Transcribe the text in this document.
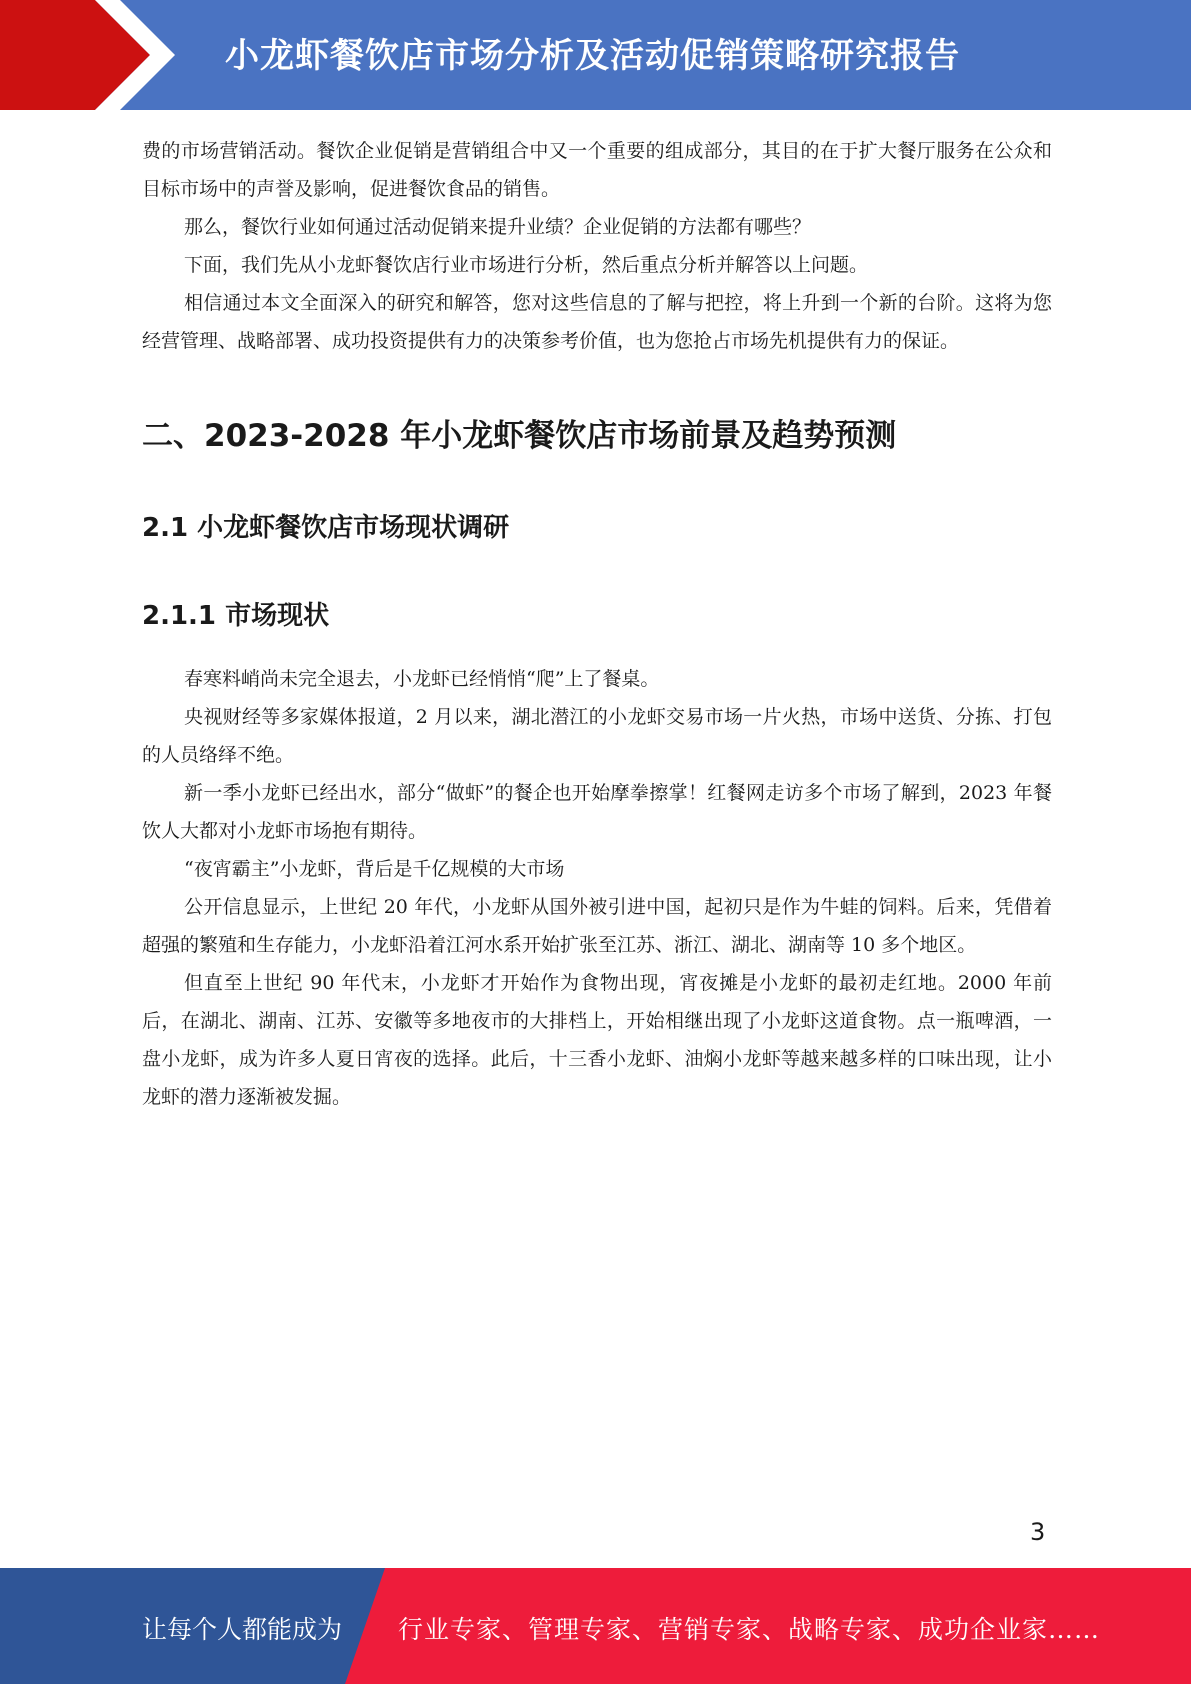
小龙虾餐饮店市场分析及活动促销策略研究报告

费的市场营销活动。餐饮企业促销是营销组合中又一个重要的组成部分，其目的在于扩大餐厅服务在公众和目标市场中的声誉及影响，促进餐饮食品的销售。

那么，餐饮行业如何通过活动促销来提升业绩？企业促销的方法都有哪些？

下面，我们先从小龙虾餐饮店行业市场进行分析，然后重点分析并解答以上问题。

相信通过本文全面深入的研究和解答，您对这些信息的了解与把控，将上升到一个新的台阶。这将为您经营管理、战略部署、成功投资提供有力的决策参考价值，也为您抢占市场先机提供有力的保证。

二、2023-2028 年小龙虾餐饮店市场前景及趋势预测
2.1 小龙虾餐饮店市场现状调研
2.1.1 市场现状

春寒料峭尚未完全退去，小龙虾已经悄悄“爬”上了餐桌。

央视财经等多家媒体报道，2 月以来，湖北潜江的小龙虾交易市场一片火热，市场中送货、分拣、打包的人员络绎不绝。

新一季小龙虾已经出水，部分“做虾”的餐企也开始摩拳擦掌！红餐网走访多个市场了解到，2023 年餐饮人大都对小龙虾市场抱有期待。

“夜宵霸主”小龙虾，背后是千亿规模的大市场

公开信息显示，上世纪 20 年代，小龙虾从国外被引进中国，起初只是作为牛蛙的饲料。后来，凭借着超强的繁殖和生存能力，小龙虾沿着江河水系开始扩张至江苏、浙江、湖北、湖南等 10 多个地区。

但直至上世纪 90 年代末，小龙虾才开始作为食物出现，宵夜摊是小龙虾的最初走红地。2000 年前后，在湖北、湖南、江苏、安徽等多地夜市的大排档上，开始相继出现了小龙虾这道食物。点一瓶啤酒，一盘小龙虾，成为许多人夏日宵夜的选择。此后，十三香小龙虾、油焖小龙虾等越来越多样的口味出现，让小龙虾的潜力逐渐被发掘。

3
让每个人都能成为 行业专家、管理专家、营销专家、战略专家、成功企业家……
